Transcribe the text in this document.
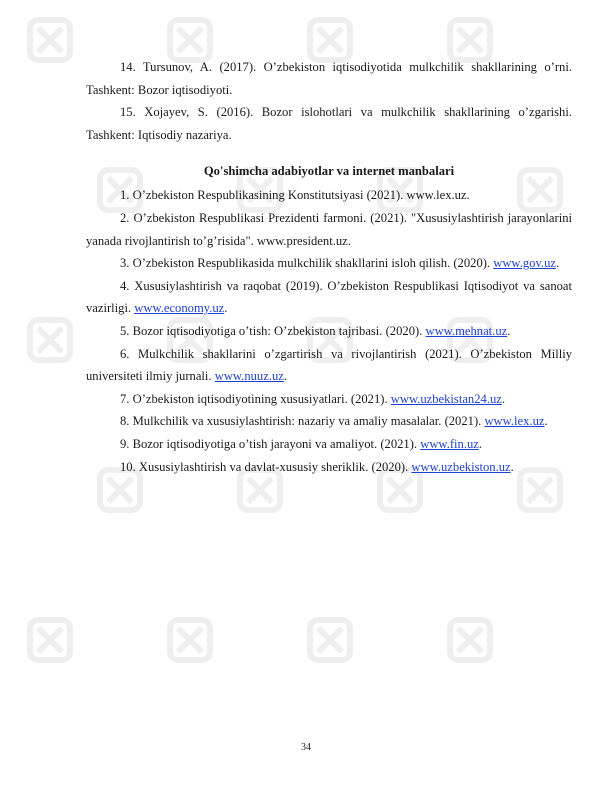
14. Tursunov, A. (2017). O’zbekiston iqtisodiyotida mulkchilik shakllarining o’rni. Tashkent: Bozor iqtisodiyoti.

15. Xojayev, S. (2016). Bozor islohotlari va mulkchilik shakllarining o’zgarishi. Tashkent: Iqtisodiy nazariya.

Qo'shimcha adabiyotlar va internet manbalari

1. O’zbekiston Respublikasining Konstitutsiyasi (2021). www.lex.uz.

2. O’zbekiston Respublikasi Prezidenti farmoni. (2021). "Xususiylashtirish jarayonlarini yanada rivojlantirish to’g’risida". www.president.uz.

3. O’zbekiston Respublikasida mulkchilik shakllarini isloh qilish. (2020). www.gov.uz.

4. Xususiylashtirish va raqobat (2019). O’zbekiston Respublikasi Iqtisodiyot va sanoat vazirligi. www.economy.uz.

5. Bozor iqtisodiyotiga o’tish: O’zbekiston tajribasi. (2020). www.mehnat.uz.

6. Mulkchilik shakllarini o’zgartirish va rivojlantirish (2021). O’zbekiston Milliy universiteti ilmiy jurnali. www.nuuz.uz.

7. O’zbekiston iqtisodiyotining xususiyatlari. (2021). www.uzbekistan24.uz.

8. Mulkchilik va xususiylashtirish: nazariy va amaliy masalalar. (2021). www.lex.uz.

9. Bozor iqtisodiyotiga o’tish jarayoni va amaliyot. (2021). www.fin.uz.

10. Xususiylashtirish va davlat-xususiy sheriklik. (2020). www.uzbekiston.uz.

34
